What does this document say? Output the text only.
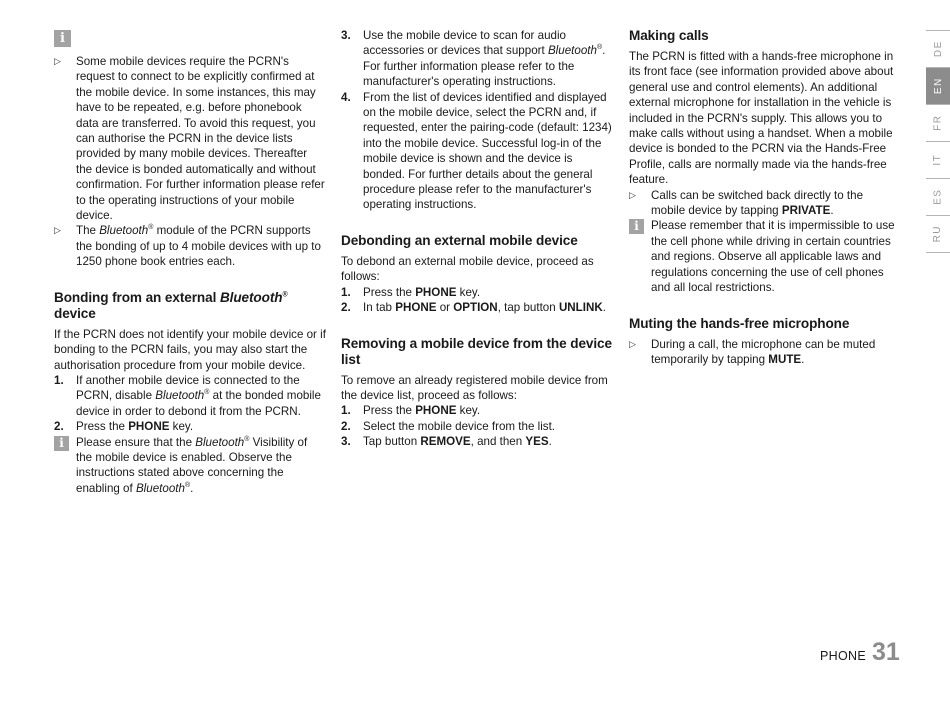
i
▷ Some mobile devices require the PCRN's request to connect to be explicitly confirmed at the mobile device. In some instances, this may have to be repeated, e.g. before phonebook data are transferred. To avoid this request, you can authorise the PCRN in the device lists provided by many mobile devices. Thereafter the device is bonded automatically and without confirmation. For further information please refer to the operating instructions of your mobile device.

▷ The Bluetooth® module of the PCRN supports the bonding of up to 4 mobile devices with up to 1250 phone book entries each.

Bonding from an external Bluetooth® device

If the PCRN does not identify your mobile device or if bonding to the PCRN fails, you may also start the authorisation procedure from your mobile device.

1. If another mobile device is connected to the PCRN, disable Bluetooth® at the bonded mobile device in order to debond it from the PCRN.

2. Press the PHONE key.

i	Please ensure that the Bluetooth® Visibility of the mobile device is enabled. Observe the instructions stated above concerning the enabling of Bluetooth®.

3. Use the mobile device to scan for audio accessories or devices that support Bluetooth®. For further information please refer to the manufacturer's operating instructions.

4. From the list of devices identified and displayed on the mobile device, select the PCRN and, if requested, enter the pairing-code (default: 1234) into the mobile device. Successful log-in of the mobile device is shown and the device is bonded. For further details about the general procedure please refer to the manufacturer's operating instructions.

Debonding an external mobile device

To debond an external mobile device, proceed as follows:

1. Press the PHONE key.

2. In tab PHONE or OPTION, tap button UNLINK.

Removing a mobile device from the device list

To remove an already registered mobile device from the device list, proceed as follows:

1. Press the PHONE key.

2. Select the mobile device from the list.

3. Tap button REMOVE, and then YES.

Making calls

The PCRN is fitted with a hands-free microphone in its front face (see information provided above about general use and control elements). An additional external microphone for installation in the vehicle is included in the PCRN's supply. This allows you to make calls without using a handset. When a mobile device is bonded to the PCRN via the Hands-Free Profile, calls are normally made via the hands-free feature.

▷ Calls can be switched back directly to the mobile device by tapping PRIVATE.

i	Please remember that it is impermissible to use the cell phone while driving in certain countries and regions. Observe all applicable laws and regulations concerning the use of cell phones and all local restrictions.

Muting the hands-free microphone
▷ During a call, the microphone can be muted temporarily by tapping MUTE.

DE
EN
FR
IT
ES
RU
PHONE 31
